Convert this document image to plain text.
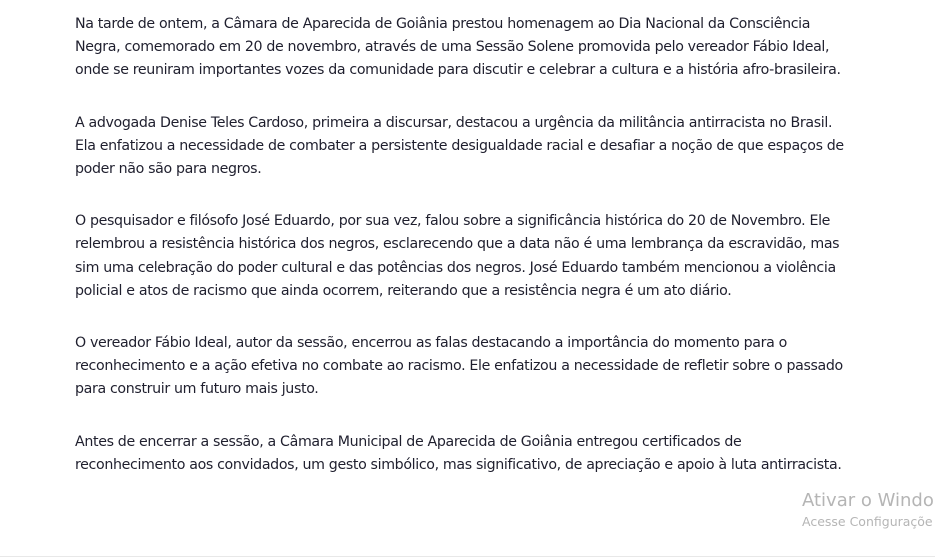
Na tarde de ontem, a Câmara de Aparecida de Goiânia prestou homenagem ao Dia Nacional da Consciência Negra, comemorado em 20 de novembro, através de uma Sessão Solene promovida pelo vereador Fábio Ideal, onde se reuniram importantes vozes da comunidade para discutir e celebrar a cultura e a história afro-brasileira.

A advogada Denise Teles Cardoso, primeira a discursar, destacou a urgência da militância antirracista no Brasil. Ela enfatizou a necessidade de combater a persistente desigualdade racial e desafiar a noção de que espaços de poder não são para negros.

O pesquisador e filósofo José Eduardo, por sua vez, falou sobre a significância histórica do 20 de Novembro. Ele relembrou a resistência histórica dos negros, esclarecendo que a data não é uma lembrança da escravidão, mas sim uma celebração do poder cultural e das potências dos negros. José Eduardo também mencionou a violência policial e atos de racismo que ainda ocorrem, reiterando que a resistência negra é um ato diário.

O vereador Fábio Ideal, autor da sessão, encerrou as falas destacando a importância do momento para o reconhecimento e a ação efetiva no combate ao racismo. Ele enfatizou a necessidade de refletir sobre o passado para construir um futuro mais justo.

Antes de encerrar a sessão, a Câmara Municipal de Aparecida de Goiânia entregou certificados de reconhecimento aos convidados, um gesto simbólico, mas significativo, de apreciação e apoio à luta antirracista.

Ativar o Windo
Acesse Configuraçõe
